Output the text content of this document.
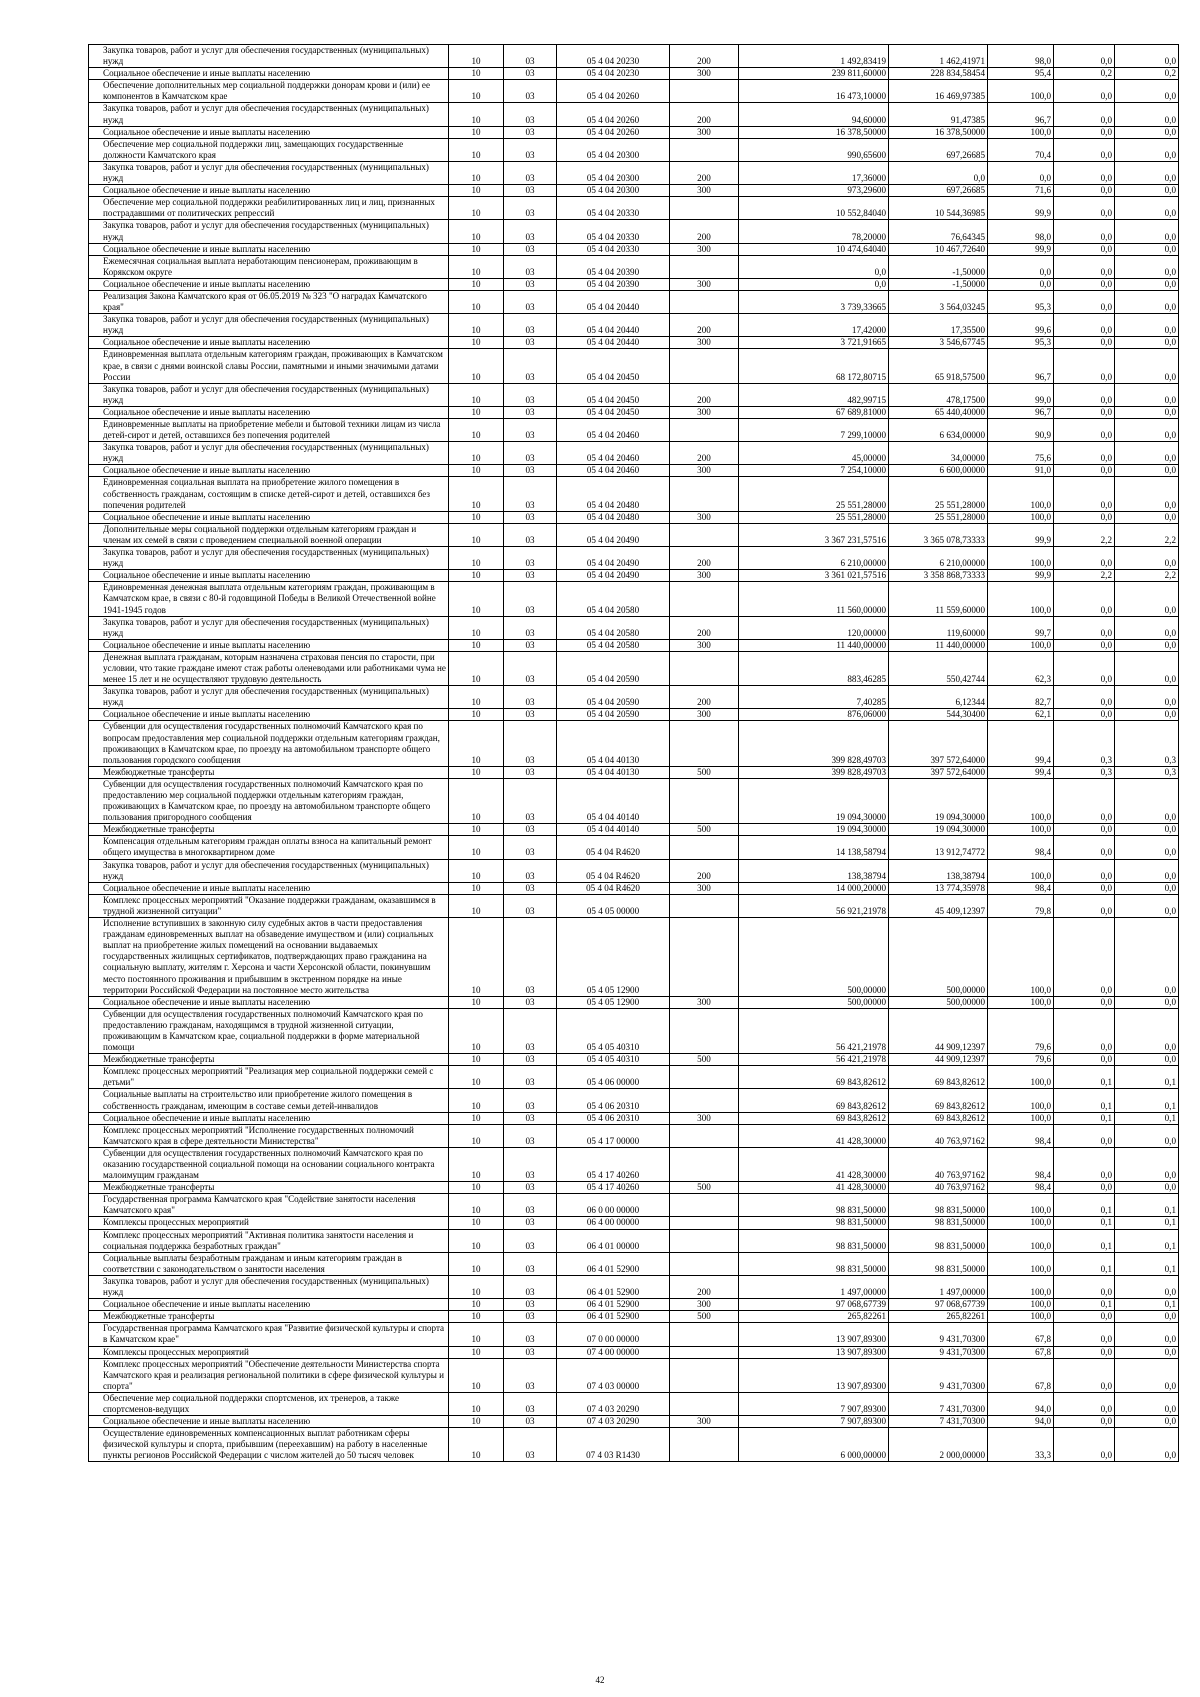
Закупка товаров, работ и услуг для обеспечения государственных (муниципальных) нужд	10	03	05 4 04 20230	200	1 492,83419	1 462,41971	98,0	0,0	0,0
Социальное обеспечение и иные выплаты населению	10	03	05 4 04 20230	300	239 811,60000	228 834,58454	95,4	0,2	0,2
Обеспечение дополнительных мер социальной поддержки донорам крови и (или) ее компонентов в Камчатском крае	10	03	05 4 04 20260		16 473,10000	16 469,97385	100,0	0,0	0,0
Закупка товаров, работ и услуг для обеспечения государственных (муниципальных) нужд	10	03	05 4 04 20260	200	94,60000	91,47385	96,7	0,0	0,0
Социальное обеспечение и иные выплаты населению	10	03	05 4 04 20260	300	16 378,50000	16 378,50000	100,0	0,0	0,0
Обеспечение мер социальной поддержки лиц, замещающих государственные должности Камчатского края	10	03	05 4 04 20300		990,65600	697,26685	70,4	0,0	0,0
Закупка товаров, работ и услуг для обеспечения государственных (муниципальных) нужд	10	03	05 4 04 20300	200	17,36000	0,0	0,0	0,0	0,0
Социальное обеспечение и иные выплаты населению	10	03	05 4 04 20300	300	973,29600	697,26685	71,6	0,0	0,0
Обеспечение мер социальной поддержки реабилитированных лиц и лиц, признанных пострадавшими от политических репрессий	10	03	05 4 04 20330		10 552,84040	10 544,36985	99,9	0,0	0,0
Закупка товаров, работ и услуг для обеспечения государственных (муниципальных) нужд	10	03	05 4 04 20330	200	78,20000	76,64345	98,0	0,0	0,0
Социальное обеспечение и иные выплаты населению	10	03	05 4 04 20330	300	10 474,64040	10 467,72640	99,9	0,0	0,0
Ежемесячная социальная выплата неработающим пенсионерам, проживающим в Корякском округе	10	03	05 4 04 20390		0,0	-1,50000	0,0	0,0	0,0
Социальное обеспечение и иные выплаты населению	10	03	05 4 04 20390	300	0,0	-1,50000	0,0	0,0	0,0
Реализация Закона Камчатского края от 06.05.2019 № 323 "О наградах Камчатского края"	10	03	05 4 04 20440		3 739,33665	3 564,03245	95,3	0,0	0,0
Закупка товаров, работ и услуг для обеспечения государственных (муниципальных) нужд	10	03	05 4 04 20440	200	17,42000	17,35500	99,6	0,0	0,0
Социальное обеспечение и иные выплаты населению	10	03	05 4 04 20440	300	3 721,91665	3 546,67745	95,3	0,0	0,0
Единовременная выплата отдельным категориям граждан, проживающих в Камчатском крае, в связи с днями воинской славы России, памятными и иными значимыми датами России	10	03	05 4 04 20450		68 172,80715	65 918,57500	96,7	0,0	0,0
Закупка товаров, работ и услуг для обеспечения государственных (муниципальных) нужд	10	03	05 4 04 20450	200	482,99715	478,17500	99,0	0,0	0,0
Социальное обеспечение и иные выплаты населению	10	03	05 4 04 20450	300	67 689,81000	65 440,40000	96,7	0,0	0,0
Единовременные выплаты на приобретение мебели и бытовой техники лицам из числа детей-сирот и детей, оставшихся без попечения родителей	10	03	05 4 04 20460		7 299,10000	6 634,00000	90,9	0,0	0,0
Закупка товаров, работ и услуг для обеспечения государственных (муниципальных) нужд	10	03	05 4 04 20460	200	45,00000	34,00000	75,6	0,0	0,0
Социальное обеспечение и иные выплаты населению	10	03	05 4 04 20460	300	7 254,10000	6 600,00000	91,0	0,0	0,0
Единовременная социальная выплата на приобретение жилого помещения в собственность гражданам, состоящим в списке детей-сирот и детей, оставшихся без попечения родителей	10	03	05 4 04 20480		25 551,28000	25 551,28000	100,0	0,0	0,0
Социальное обеспечение и иные выплаты населению	10	03	05 4 04 20480	300	25 551,28000	25 551,28000	100,0	0,0	0,0
Дополнительные меры социальной поддержки отдельным категориям граждан и членам их семей в связи с проведением специальной военной операции	10	03	05 4 04 20490		3 367 231,57516	3 365 078,73333	99,9	2,2	2,2
Закупка товаров, работ и услуг для обеспечения государственных (муниципальных) нужд	10	03	05 4 04 20490	200	6 210,00000	6 210,00000	100,0	0,0	0,0
Социальное обеспечение и иные выплаты населению	10	03	05 4 04 20490	300	3 361 021,57516	3 358 868,73333	99,9	2,2	2,2
Единовременная денежная выплата отдельным категориям граждан, проживающим в Камчатском крае, в связи с 80-й годовщиной Победы в Великой Отечественной войне 1941-1945 годов	10	03	05 4 04 20580		11 560,00000	11 559,60000	100,0	0,0	0,0
Закупка товаров, работ и услуг для обеспечения государственных (муниципальных) нужд	10	03	05 4 04 20580	200	120,00000	119,60000	99,7	0,0	0,0
Социальное обеспечение и иные выплаты населению	10	03	05 4 04 20580	300	11 440,00000	11 440,00000	100,0	0,0	0,0
Денежная выплата гражданам, которым назначена страховая пенсия по старости, при условии, что такие граждане имеют стаж работы оленеводами или работниками чума не менее 15 лет и не осуществляют трудовую деятельность	10	03	05 4 04 20590		883,46285	550,42744	62,3	0,0	0,0
Закупка товаров, работ и услуг для обеспечения государственных (муниципальных) нужд	10	03	05 4 04 20590	200	7,40285	6,12344	82,7	0,0	0,0
Социальное обеспечение и иные выплаты населению	10	03	05 4 04 20590	300	876,06000	544,30400	62,1	0,0	0,0
Субвенции для осуществления государственных полномочий Камчатского края по вопросам предоставления мер социальной поддержки отдельным категориям граждан, проживающих в Камчатском крае, по проезду на автомобильном транспорте общего пользования городского сообщения	10	03	05 4 04 40130		399 828,49703	397 572,64000	99,4	0,3	0,3
Межбюджетные трансферты	10	03	05 4 04 40130	500	399 828,49703	397 572,64000	99,4	0,3	0,3
Субвенции для осуществления государственных полномочий Камчатского края по предоставлению мер социальной поддержки отдельным категориям граждан, проживающих в Камчатском крае, по проезду на автомобильном транспорте общего пользования пригородного сообщения	10	03	05 4 04 40140		19 094,30000	19 094,30000	100,0	0,0	0,0
Межбюджетные трансферты	10	03	05 4 04 40140	500	19 094,30000	19 094,30000	100,0	0,0	0,0
Компенсация отдельным категориям граждан оплаты взноса на капитальный ремонт общего имущества в многоквартирном доме	10	03	05 4 04 R4620		14 138,58794	13 912,74772	98,4	0,0	0,0
Закупка товаров, работ и услуг для обеспечения государственных (муниципальных) нужд	10	03	05 4 04 R4620	200	138,38794	138,38794	100,0	0,0	0,0
Социальное обеспечение и иные выплаты населению	10	03	05 4 04 R4620	300	14 000,20000	13 774,35978	98,4	0,0	0,0
Комплекс процессных мероприятий "Оказание поддержки гражданам, оказавшимся в трудной жизненной ситуации"	10	03	05 4 05 00000		56 921,21978	45 409,12397	79,8	0,0	0,0
Исполнение вступивших в законную силу судебных актов в части предоставления гражданам единовременных выплат на обзаведение имуществом и (или) социальных выплат на приобретение жилых помещений на основании выдаваемых государственных жилищных сертификатов, подтверждающих право гражданина на социальную выплату, жителям г. Херсона и части Херсонской области, покинувшим место постоянного проживания и прибывшим в экстренном порядке на иные территории Российской Федерации на постоянное место жительства	10	03	05 4 05 12900		500,00000	500,00000	100,0	0,0	0,0
Социальное обеспечение и иные выплаты населению	10	03	05 4 05 12900	300	500,00000	500,00000	100,0	0,0	0,0
Субвенции для осуществления государственных полномочий Камчатского края по предоставлению гражданам, находящимся в трудной жизненной ситуации, проживающим в Камчатском крае, социальной поддержки в форме материальной помощи	10	03	05 4 05 40310		56 421,21978	44 909,12397	79,6	0,0	0,0
Межбюджетные трансферты	10	03	05 4 05 40310	500	56 421,21978	44 909,12397	79,6	0,0	0,0
Комплекс процессных мероприятий "Реализация мер социальной поддержки семей с детьми"	10	03	05 4 06 00000		69 843,82612	69 843,82612	100,0	0,1	0,1
Социальные выплаты на строительство или приобретение жилого помещения в собственность гражданам, имеющим в составе семьи детей-инвалидов	10	03	05 4 06 20310		69 843,82612	69 843,82612	100,0	0,1	0,1
Социальное обеспечение и иные выплаты населению	10	03	05 4 06 20310	300	69 843,82612	69 843,82612	100,0	0,1	0,1
Комплекс процессных мероприятий "Исполнение государственных полномочий Камчатского края в сфере деятельности Министерства"	10	03	05 4 17 00000		41 428,30000	40 763,97162	98,4	0,0	0,0
Субвенции для осуществления государственных полномочий Камчатского края по оказанию государственной социальной помощи на основании социального контракта малоимущим гражданам	10	03	05 4 17 40260		41 428,30000	40 763,97162	98,4	0,0	0,0
Межбюджетные трансферты	10	03	05 4 17 40260	500	41 428,30000	40 763,97162	98,4	0,0	0,0
Государственная программа Камчатского края "Содействие занятости населения Камчатского края"	10	03	06 0 00 00000		98 831,50000	98 831,50000	100,0	0,1	0,1
Комплексы процессных мероприятий	10	03	06 4 00 00000		98 831,50000	98 831,50000	100,0	0,1	0,1
Комплекс процессных мероприятий "Активная политика занятости населения и социальная поддержка безработных граждан"	10	03	06 4 01 00000		98 831,50000	98 831,50000	100,0	0,1	0,1
Социальные выплаты безработным гражданам и иным категориям граждан в соответствии с законодательством о занятости населения	10	03	06 4 01 52900		98 831,50000	98 831,50000	100,0	0,1	0,1
Закупка товаров, работ и услуг для обеспечения государственных (муниципальных) нужд	10	03	06 4 01 52900	200	1 497,00000	1 497,00000	100,0	0,0	0,0
Социальное обеспечение и иные выплаты населению	10	03	06 4 01 52900	300	97 068,67739	97 068,67739	100,0	0,1	0,1
Межбюджетные трансферты	10	03	06 4 01 52900	500	265,82261	265,82261	100,0	0,0	0,0
Государственная программа Камчатского края "Развитие физической культуры и спорта в Камчатском крае"	10	03	07 0 00 00000		13 907,89300	9 431,70300	67,8	0,0	0,0
Комплексы процессных мероприятий	10	03	07 4 00 00000		13 907,89300	9 431,70300	67,8	0,0	0,0
Комплекс процессных мероприятий "Обеспечение деятельности Министерства спорта Камчатского края и реализация региональной политики в сфере физической культуры и спорта"	10	03	07 4 03 00000		13 907,89300	9 431,70300	67,8	0,0	0,0
Обеспечение мер социальной поддержки спортсменов, их тренеров, а также спортсменов-ведущих	10	03	07 4 03 20290		7 907,89300	7 431,70300	94,0	0,0	0,0
Социальное обеспечение и иные выплаты населению	10	03	07 4 03 20290	300	7 907,89300	7 431,70300	94,0	0,0	0,0
Осуществление единовременных компенсационных выплат работникам сферы физической культуры и спорта, прибывшим (переехавшим) на работу в населенные пункты регионов Российской Федерации с числом жителей до 50 тысяч человек	10	03	07 4 03 R1430		6 000,00000	2 000,00000	33,3	0,0	0,0
42
